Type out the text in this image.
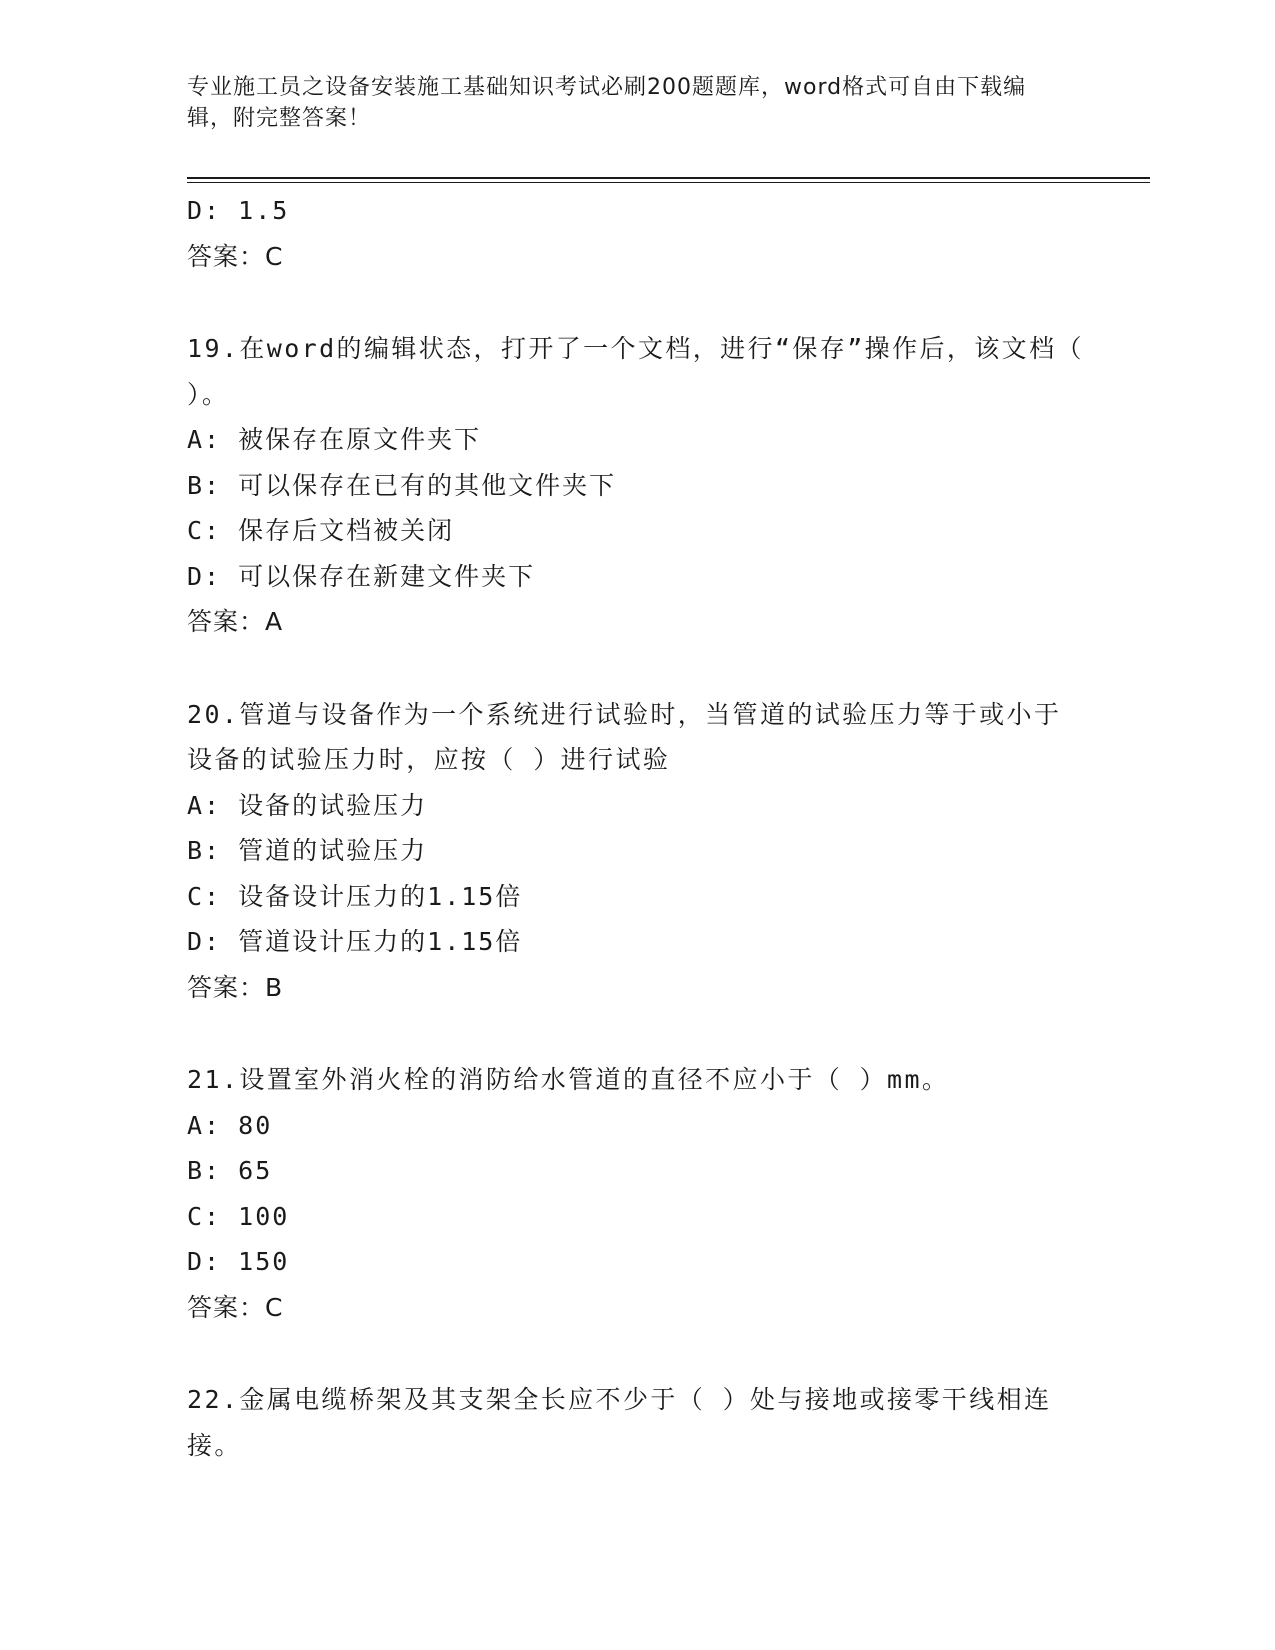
专业施工员之设备安装施工基础知识考试必刷200题题库，word格式可自由下载编辑，附完整答案！
D: 1.5
答案：C
19.在word的编辑状态，打开了一个文档，进行“保存”操作后，该文档（ ）。
A: 被保存在原文件夹下
B: 可以保存在已有的其他文件夹下
C: 保存后文档被关闭
D: 可以保存在新建文件夹下
答案：A
20.管道与设备作为一个系统进行试验时，当管道的试验压力等于或小于设备的试验压力时，应按（ ）进行试验
A: 设备的试验压力
B: 管道的试验压力
C: 设备设计压力的1.15倍
D: 管道设计压力的1.15倍
答案：B
21.设置室外消火栓的消防给水管道的直径不应小于（ ）mm。
A: 80
B: 65
C: 100
D: 150
答案：C
22.金属电缆桥架及其支架全长应不少于（ ）处与接地或接零干线相连接。
